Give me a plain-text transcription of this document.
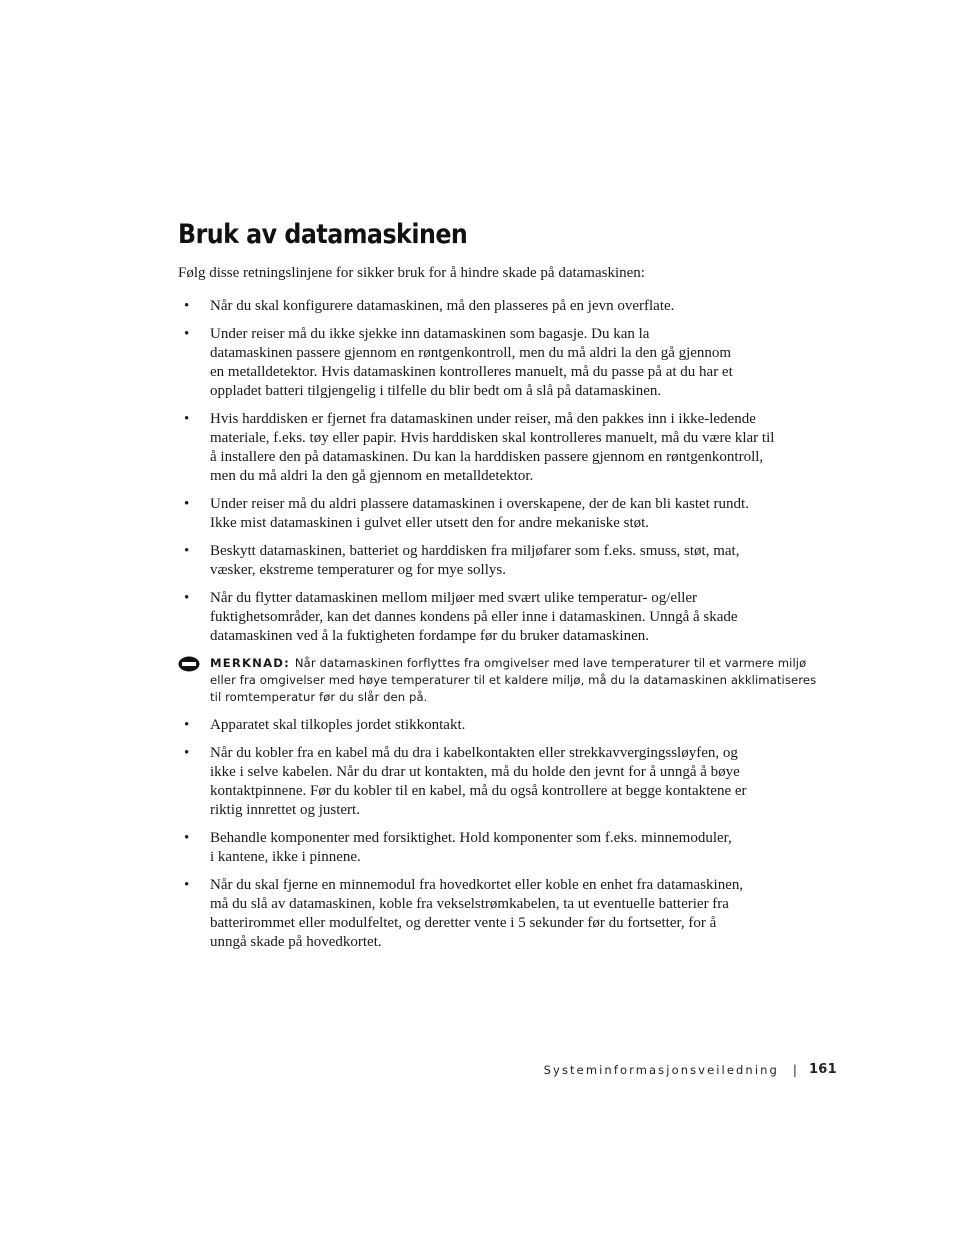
Bruk av datamaskinen

Følg disse retningslinjene for sikker bruk for å hindre skade på datamaskinen:

• Når du skal konfigurere datamaskinen, må den plasseres på en jevn overflate.
• Under reiser må du ikke sjekke inn datamaskinen som bagasje. Du kan la
datamaskinen passere gjennom en røntgenkontroll, men du må aldri la den gå gjennom
en metalldetektor. Hvis datamaskinen kontrolleres manuelt, må du passe på at du har et
oppladet batteri tilgjengelig i tilfelle du blir bedt om å slå på datamaskinen.
• Hvis harddisken er fjernet fra datamaskinen under reiser, må den pakkes inn i ikke-ledende
materiale, f.eks. tøy eller papir. Hvis harddisken skal kontrolleres manuelt, må du være klar til
å installere den på datamaskinen. Du kan la harddisken passere gjennom en røntgenkontroll,
men du må aldri la den gå gjennom en metalldetektor.
• Under reiser må du aldri plassere datamaskinen i overskapene, der de kan bli kastet rundt.
Ikke mist datamaskinen i gulvet eller utsett den for andre mekaniske støt.
• Beskytt datamaskinen, batteriet og harddisken fra miljøfarer som f.eks. smuss, støt, mat,
væsker, ekstreme temperaturer og for mye sollys.
• Når du flytter datamaskinen mellom miljøer med svært ulike temperatur- og/eller
fuktighetsområder, kan det dannes kondens på eller inne i datamaskinen. Unngå å skade
datamaskinen ved å la fuktigheten fordampe før du bruker datamaskinen.
MERKNAD: Når datamaskinen forflyttes fra omgivelser med lave temperaturer til et varmere miljø
eller fra omgivelser med høye temperaturer til et kaldere miljø, må du la datamaskinen akklimatiseres
til romtemperatur før du slår den på.
• Apparatet skal tilkoples jordet stikkontakt.
• Når du kobler fra en kabel må du dra i kabelkontakten eller strekkavvergingssløyfen, og
ikke i selve kabelen. Når du drar ut kontakten, må du holde den jevnt for å unngå å bøye
kontaktpinnene. Før du kobler til en kabel, må du også kontrollere at begge kontaktene er
riktig innrettet og justert.
• Behandle komponenter med forsiktighet. Hold komponenter som f.eks. minnemoduler,
i kantene, ikke i pinnene.
• Når du skal fjerne en minnemodul fra hovedkortet eller koble en enhet fra datamaskinen,
må du slå av datamaskinen, koble fra vekselstrømkabelen, ta ut eventuelle batterier fra
batterirommet eller modulfeltet, og deretter vente i 5 sekunder før du fortsetter, for å
unngå skade på hovedkortet.
Systeminformasjonsveiledning | 161
